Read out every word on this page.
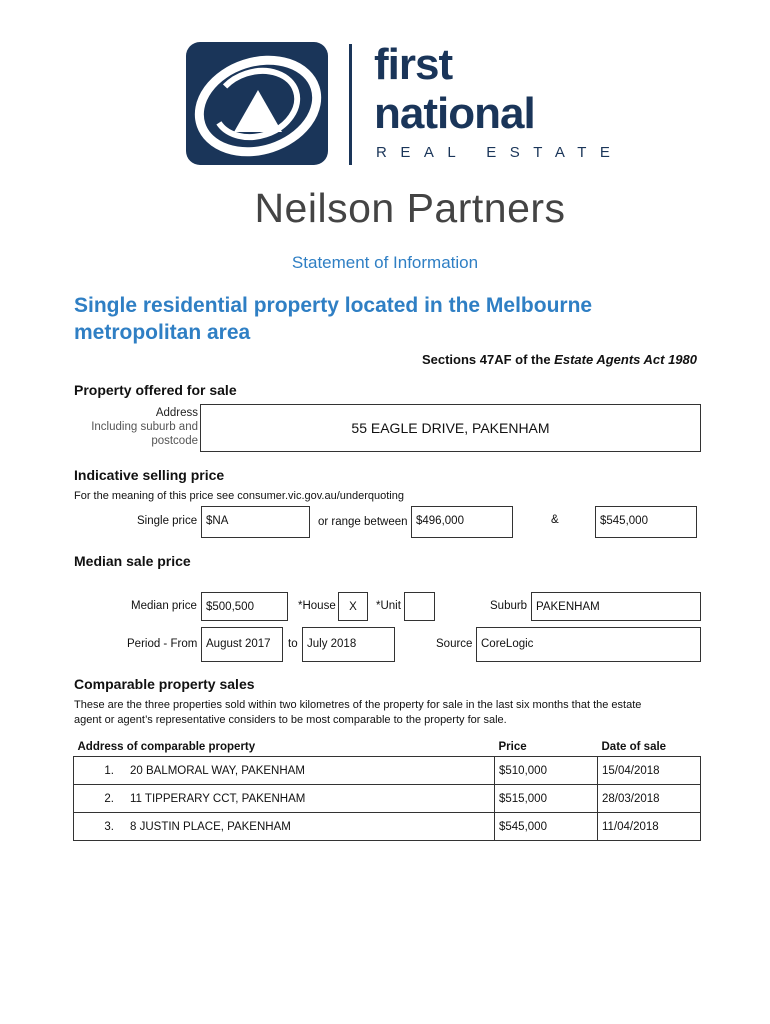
first
national
REAL ESTATE
Neilson Partners
Statement of Information
Single residential property located in the Melbourne
metropolitan area
Sections 47AF of the Estate Agents Act 1980
Property offered for sale
Address
Including suburb and
postcode
55 EAGLE DRIVE, PAKENHAM
Indicative selling price
For the meaning of this price see consumer.vic.gov.au/underquoting
Single price $NA	or range between $496,000	&	$545,000
Median sale price
Median price $500,500	*House	X	*Unit	Suburb PAKENHAM
Period - From August 2017	to July 2018	Source CoreLogic
Comparable property sales
These are the three properties sold within two kilometres of the property for sale in the last six months that the estate
agent or agent’s representative considers to be most comparable to the property for sale.
Address of comparable property		Price	Date of sale
1.	20 BALMORAL WAY, PAKENHAM	$510,000	15/04/2018
2.	11 TIPPERARY CCT, PAKENHAM	$515,000	28/03/2018
3.	8 JUSTIN PLACE, PAKENHAM	$545,000	11/04/2018
